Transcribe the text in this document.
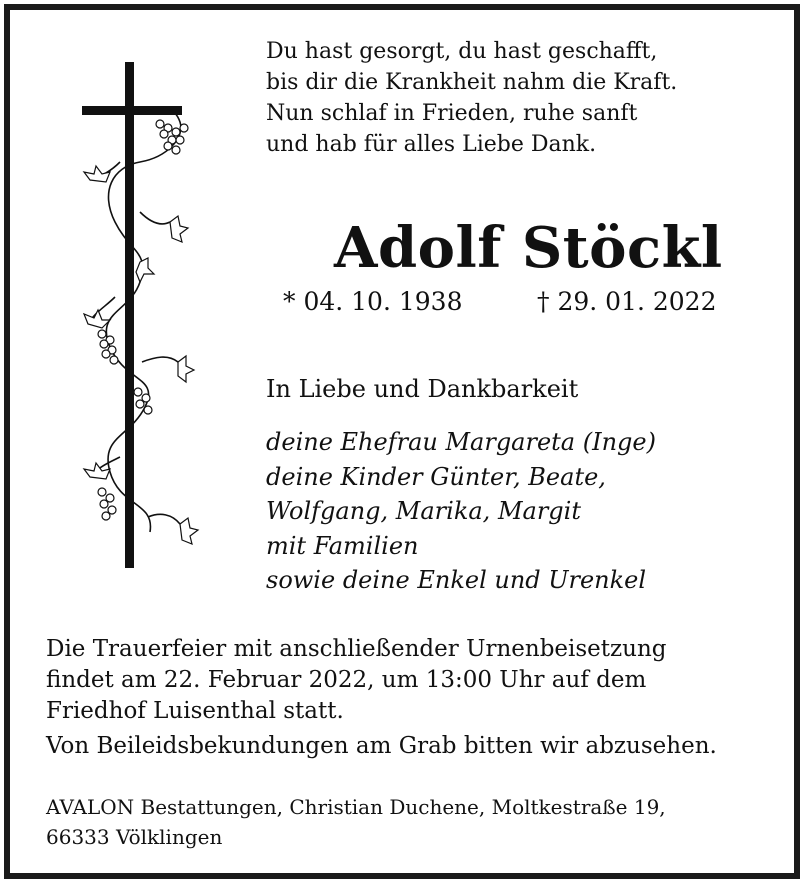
Du hast gesorgt, du hast geschafft,
bis dir die Krankheit nahm die Kraft.
Nun schlaf in Frieden, ruhe sanft
und hab für alles Liebe Dank.
Adolf Stöckl
* 04. 10. 1938	† 29. 01. 2022
In Liebe und Dankbarkeit
deine Ehefrau Margareta (Inge)
deine Kinder Günter, Beate,
Wolfgang, Marika, Margit
mit Familien
sowie deine Enkel und Urenkel
Die Trauerfeier mit anschließender Urnenbeisetzung
findet am 22. Februar 2022, um 13:00 Uhr auf dem
Friedhof Luisenthal statt.
Von Beileidsbekundungen am Grab bitten wir abzusehen.
AVALON Bestattungen, Christian Duchene, Moltkestraße 19,
66333 Völklingen
